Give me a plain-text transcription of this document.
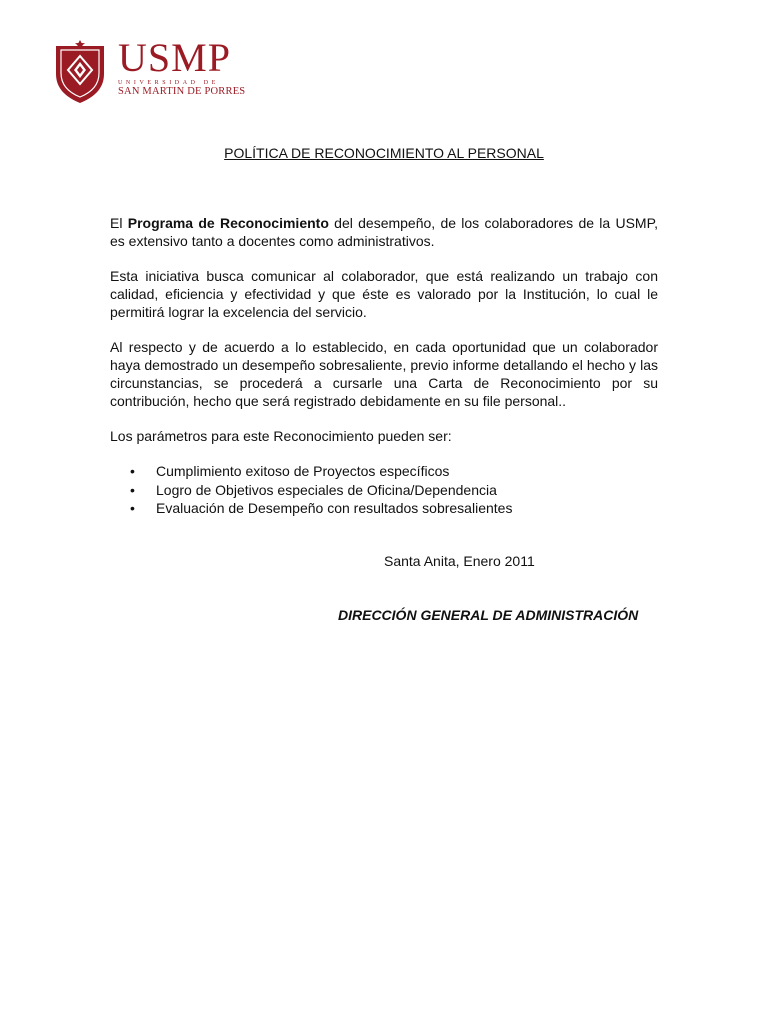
USMP
UNIVERSIDAD DE
SAN MARTIN DE PORRES
POLÍTICA DE RECONOCIMIENTO AL PERSONAL

El Programa de Reconocimiento del desempeño, de los colaboradores de la USMP, es extensivo tanto a docentes como administrativos.

Esta iniciativa busca comunicar al colaborador, que está realizando un trabajo con calidad, eficiencia y efectividad y que éste es valorado por la Institución, lo cual le permitirá lograr la excelencia del servicio.

Al respecto y de acuerdo a lo establecido, en cada oportunidad que un colaborador haya demostrado un desempeño sobresaliente, previo informe detallando el hecho y las circunstancias, se procederá a cursarle una Carta de Reconocimiento por su contribución, hecho que será registrado debidamente en su file personal..

Los parámetros para este Reconocimiento pueden ser:

• Cumplimiento exitoso de Proyectos específicos
• Logro de Objetivos especiales de Oficina/Dependencia
• Evaluación de Desempeño con resultados sobresalientes
Santa Anita, Enero 2011
DIRECCIÓN GENERAL DE ADMINISTRACIÓN
